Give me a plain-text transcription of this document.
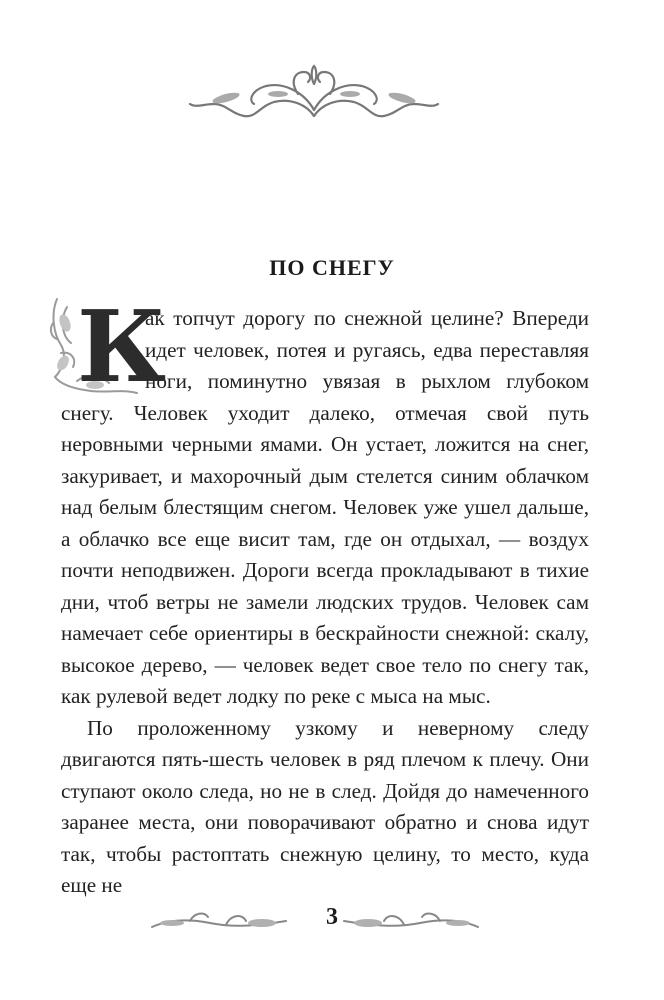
ПО СНЕГУ

К
ак топчут дорогу по снежной целине? Впереди идет человек, потея и ругаясь, едва переставляя ноги, поминутно увязая в рыхлом глубоком снегу. Человек уходит далеко, отмечая свой путь неровными черными ямами. Он устает, ложится на снег, закуривает, и махорочный дым стелется синим облачком над белым блестящим снегом. Человек уже ушел дальше, а облачко все еще висит там, где он отдыхал, — воздух почти неподвижен. Дороги всегда прокладывают в тихие дни, чтоб ветры не замели людских трудов. Человек сам намечает себе ориентиры в бескрайности снежной: скалу, высокое дерево, — человек ведет свое тело по снегу так, как рулевой ведет лодку по реке с мыса на мыс.

По проложенному узкому и неверному следу двигаются пять-шесть человек в ряд плечом к плечу. Они ступают около следа, но не в след. Дойдя до намеченного заранее места, они поворачивают обратно и снова идут так, чтобы растоптать снежную целину, то место, куда еще не

3
